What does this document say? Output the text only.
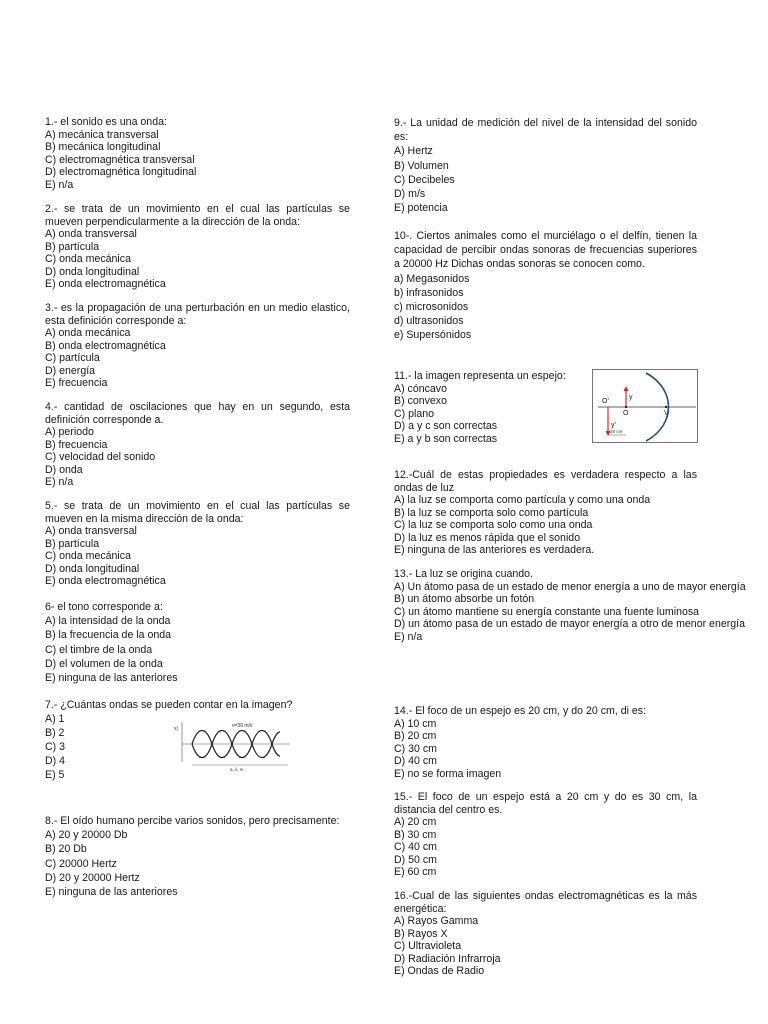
1.- el sonido es una onda:
A) mecánica transversal
B) mecánica longitudinal
C) electromagnética transversal
D) electromagnética longitudinal
E) n/a
2.- se trata de un movimiento en el cual las partículas se mueven perpendicularmente a la dirección de la onda:
A) onda transversal
B) partícula
C) onda mecánica
D) onda longitudinal
E) onda electromagnética
3.- es la propagación de una perturbación en un medio elastico, esta definición corresponde a:
A) onda mecánica
B) onda electromagnética
C) partícula
D) energía
E) frecuencia
4.- cantidad de oscilaciones que hay en un segundo, esta definición corresponde a.
A) periodo
B) frecuencia
C) velocidad del sonido
D) onda
E) n/a
5.- se trata de un movimiento en el cual las partículas se mueven en la misma dirección de la onda:
A) onda transversal
B) partícula
C) onda mecánica
D) onda longitudinal
E) onda electromagnética
6- el tono corresponde a:
A) la intensidad de la onda
B) la frecuencia de la onda
C) el timbre de la onda
D) el volumen de la onda
E) ninguna de las anteriores
7.- ¿Cuántas ondas se pueden contar en la imagen?
A) 1
B) 2
C) 3
D) 4
E) 5
8.- El oído humano percibe varios sonidos, pero precisamente:
A) 20 y 20000 Db
B) 20 Db
C) 20000 Hertz
D) 20 y 20000 Hertz
E) ninguna de las anteriores
x|	v=30 m/s
a, λ, m
9.- La unidad de medición del nivel de la intensidad del sonido es:
A) Hertz
B) Volumen
C) Decibeles
D) m/s
E) potencia
10-. Ciertos animales como el murciélago o el delfín, tienen la capacidad de percibir ondas sonoras de frecuencias superiores a 20000 Hz Dichas ondas sonoras se conocen como.
a) Megasonidos
b) infrasonidos
c) microsonidos
d) ultrasonidos
e) Supersónidos
11.- la imagen representa un espejo:
A) cóncavo
B) convexo
C) plano
D) a y c son correctas
E) a y b son correctas
12.-Cuál de estas propiedades es verdadera respecto a las ondas de luz
A) la luz se comporta como partícula y como una onda
B) la luz se comporta solo como partícula
C) la luz se comporta solo como una onda
D) la luz es menos rápida que el sonido
E) ninguna de las anteriores es verdadera.
13.- La luz se origina cuando.
A) Un átomo pasa de un estado de menor energía a uno de mayor energía
B) un átomo absorbe un fotón
C) un átomo mantiene su energía constante una fuente luminosa
D) un átomo pasa de un estado de mayor energía a otro de menor energía
E) n/a
14.- El foco de un espejo es 20 cm, y do 20 cm, di es:
A) 10 cm
B) 20 cm
C) 30 cm
D) 40 cm
E) no se forma imagen
15.- El foco de un espejo está a 20 cm y do es 30 cm, la distancia del centro es.
A) 20 cm
B) 30 cm
C) 40 cm
D) 50 cm
E) 60 cm
16.-Cual de las siguientes ondas electromagnéticas es la más energética:
A) Rayos Gamma
B) Rayos X
C) Ultravioleta
D) Radiación Infrarroja
E) Ondas de Radio
O'
y
O	V
y'
28 cm
